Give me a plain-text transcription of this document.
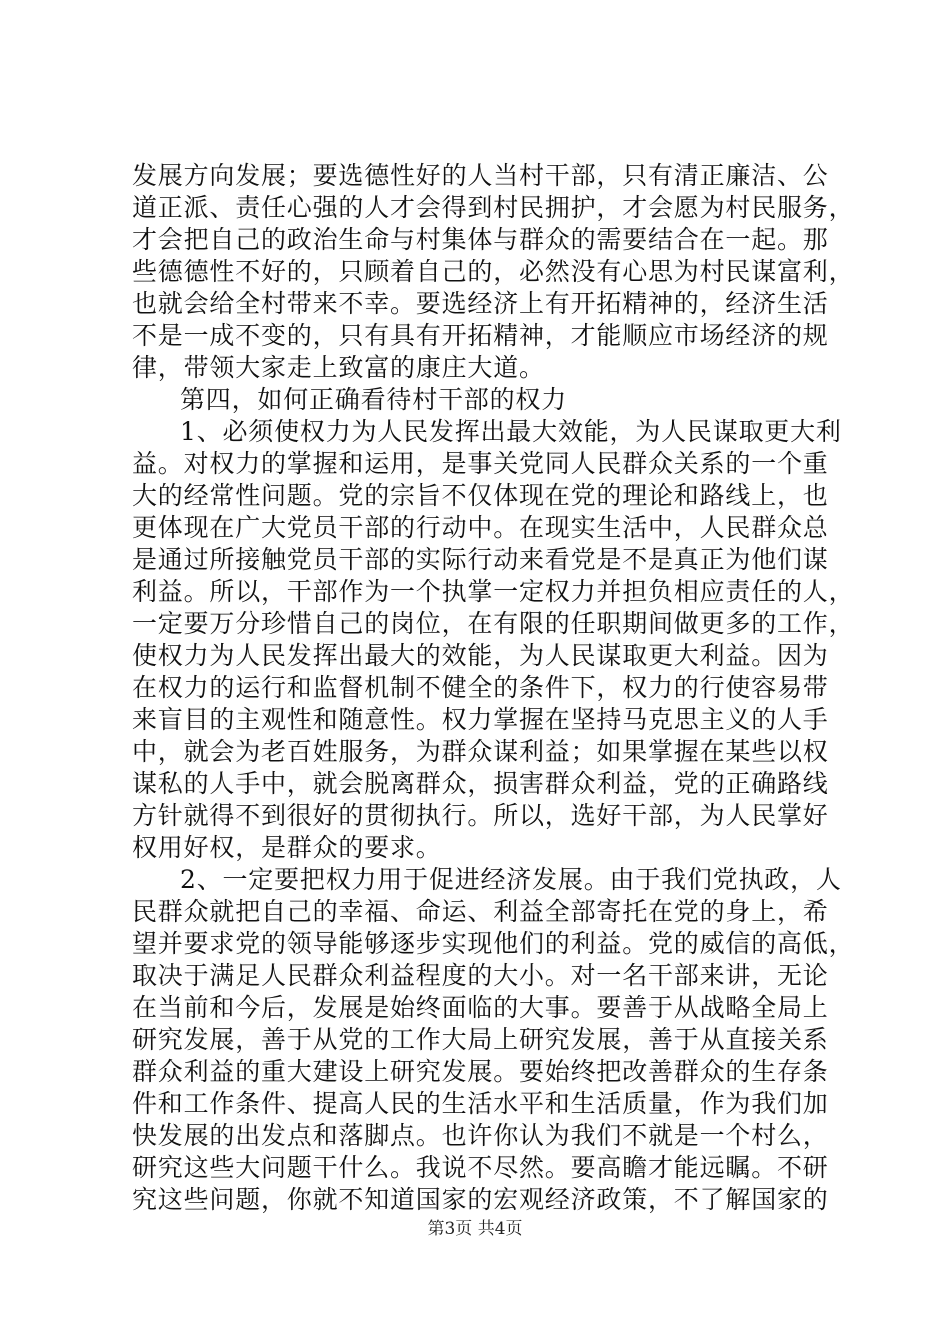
发展方向发展；要选德性好的人当村干部，只有清正廉洁、公
道正派、责任心强的人才会得到村民拥护，才会愿为村民服务，
才会把自己的政治生命与村集体与群众的需要结合在一起。那
些德德性不好的，只顾着自己的，必然没有心思为村民谋富利，
也就会给全村带来不幸。要选经济上有开拓精神的，经济生活
不是一成不变的，只有具有开拓精神，才能顺应市场经济的规
律，带领大家走上致富的康庄大道。
第四，如何正确看待村干部的权力
1、必须使权力为人民发挥出最大效能，为人民谋取更大利
益。对权力的掌握和运用，是事关党同人民群众关系的一个重
大的经常性问题。党的宗旨不仅体现在党的理论和路线上，也
更体现在广大党员干部的行动中。在现实生活中，人民群众总
是通过所接触党员干部的实际行动来看党是不是真正为他们谋
利益。所以，干部作为一个执掌一定权力并担负相应责任的人，
一定要万分珍惜自己的岗位，在有限的任职期间做更多的工作，
使权力为人民发挥出最大的效能，为人民谋取更大利益。因为
在权力的运行和监督机制不健全的条件下，权力的行使容易带
来盲目的主观性和随意性。权力掌握在坚持马克思主义的人手
中，就会为老百姓服务，为群众谋利益；如果掌握在某些以权
谋私的人手中，就会脱离群众，损害群众利益，党的正确路线
方针就得不到很好的贯彻执行。所以，选好干部，为人民掌好
权用好权，是群众的要求。
2、一定要把权力用于促进经济发展。由于我们党执政，人
民群众就把自己的幸福、命运、利益全部寄托在党的身上，希
望并要求党的领导能够逐步实现他们的利益。党的威信的高低，
取决于满足人民群众利益程度的大小。对一名干部来讲，无论
在当前和今后，发展是始终面临的大事。要善于从战略全局上
研究发展，善于从党的工作大局上研究发展，善于从直接关系
群众利益的重大建设上研究发展。要始终把改善群众的生存条
件和工作条件、提高人民的生活水平和生活质量，作为我们加
快发展的出发点和落脚点。也许你认为我们不就是一个村么，
研究这些大问题干什么。我说不尽然。要高瞻才能远瞩。不研
究这些问题，你就不知道国家的宏观经济政策，不了解国家的
第3页 共4页
